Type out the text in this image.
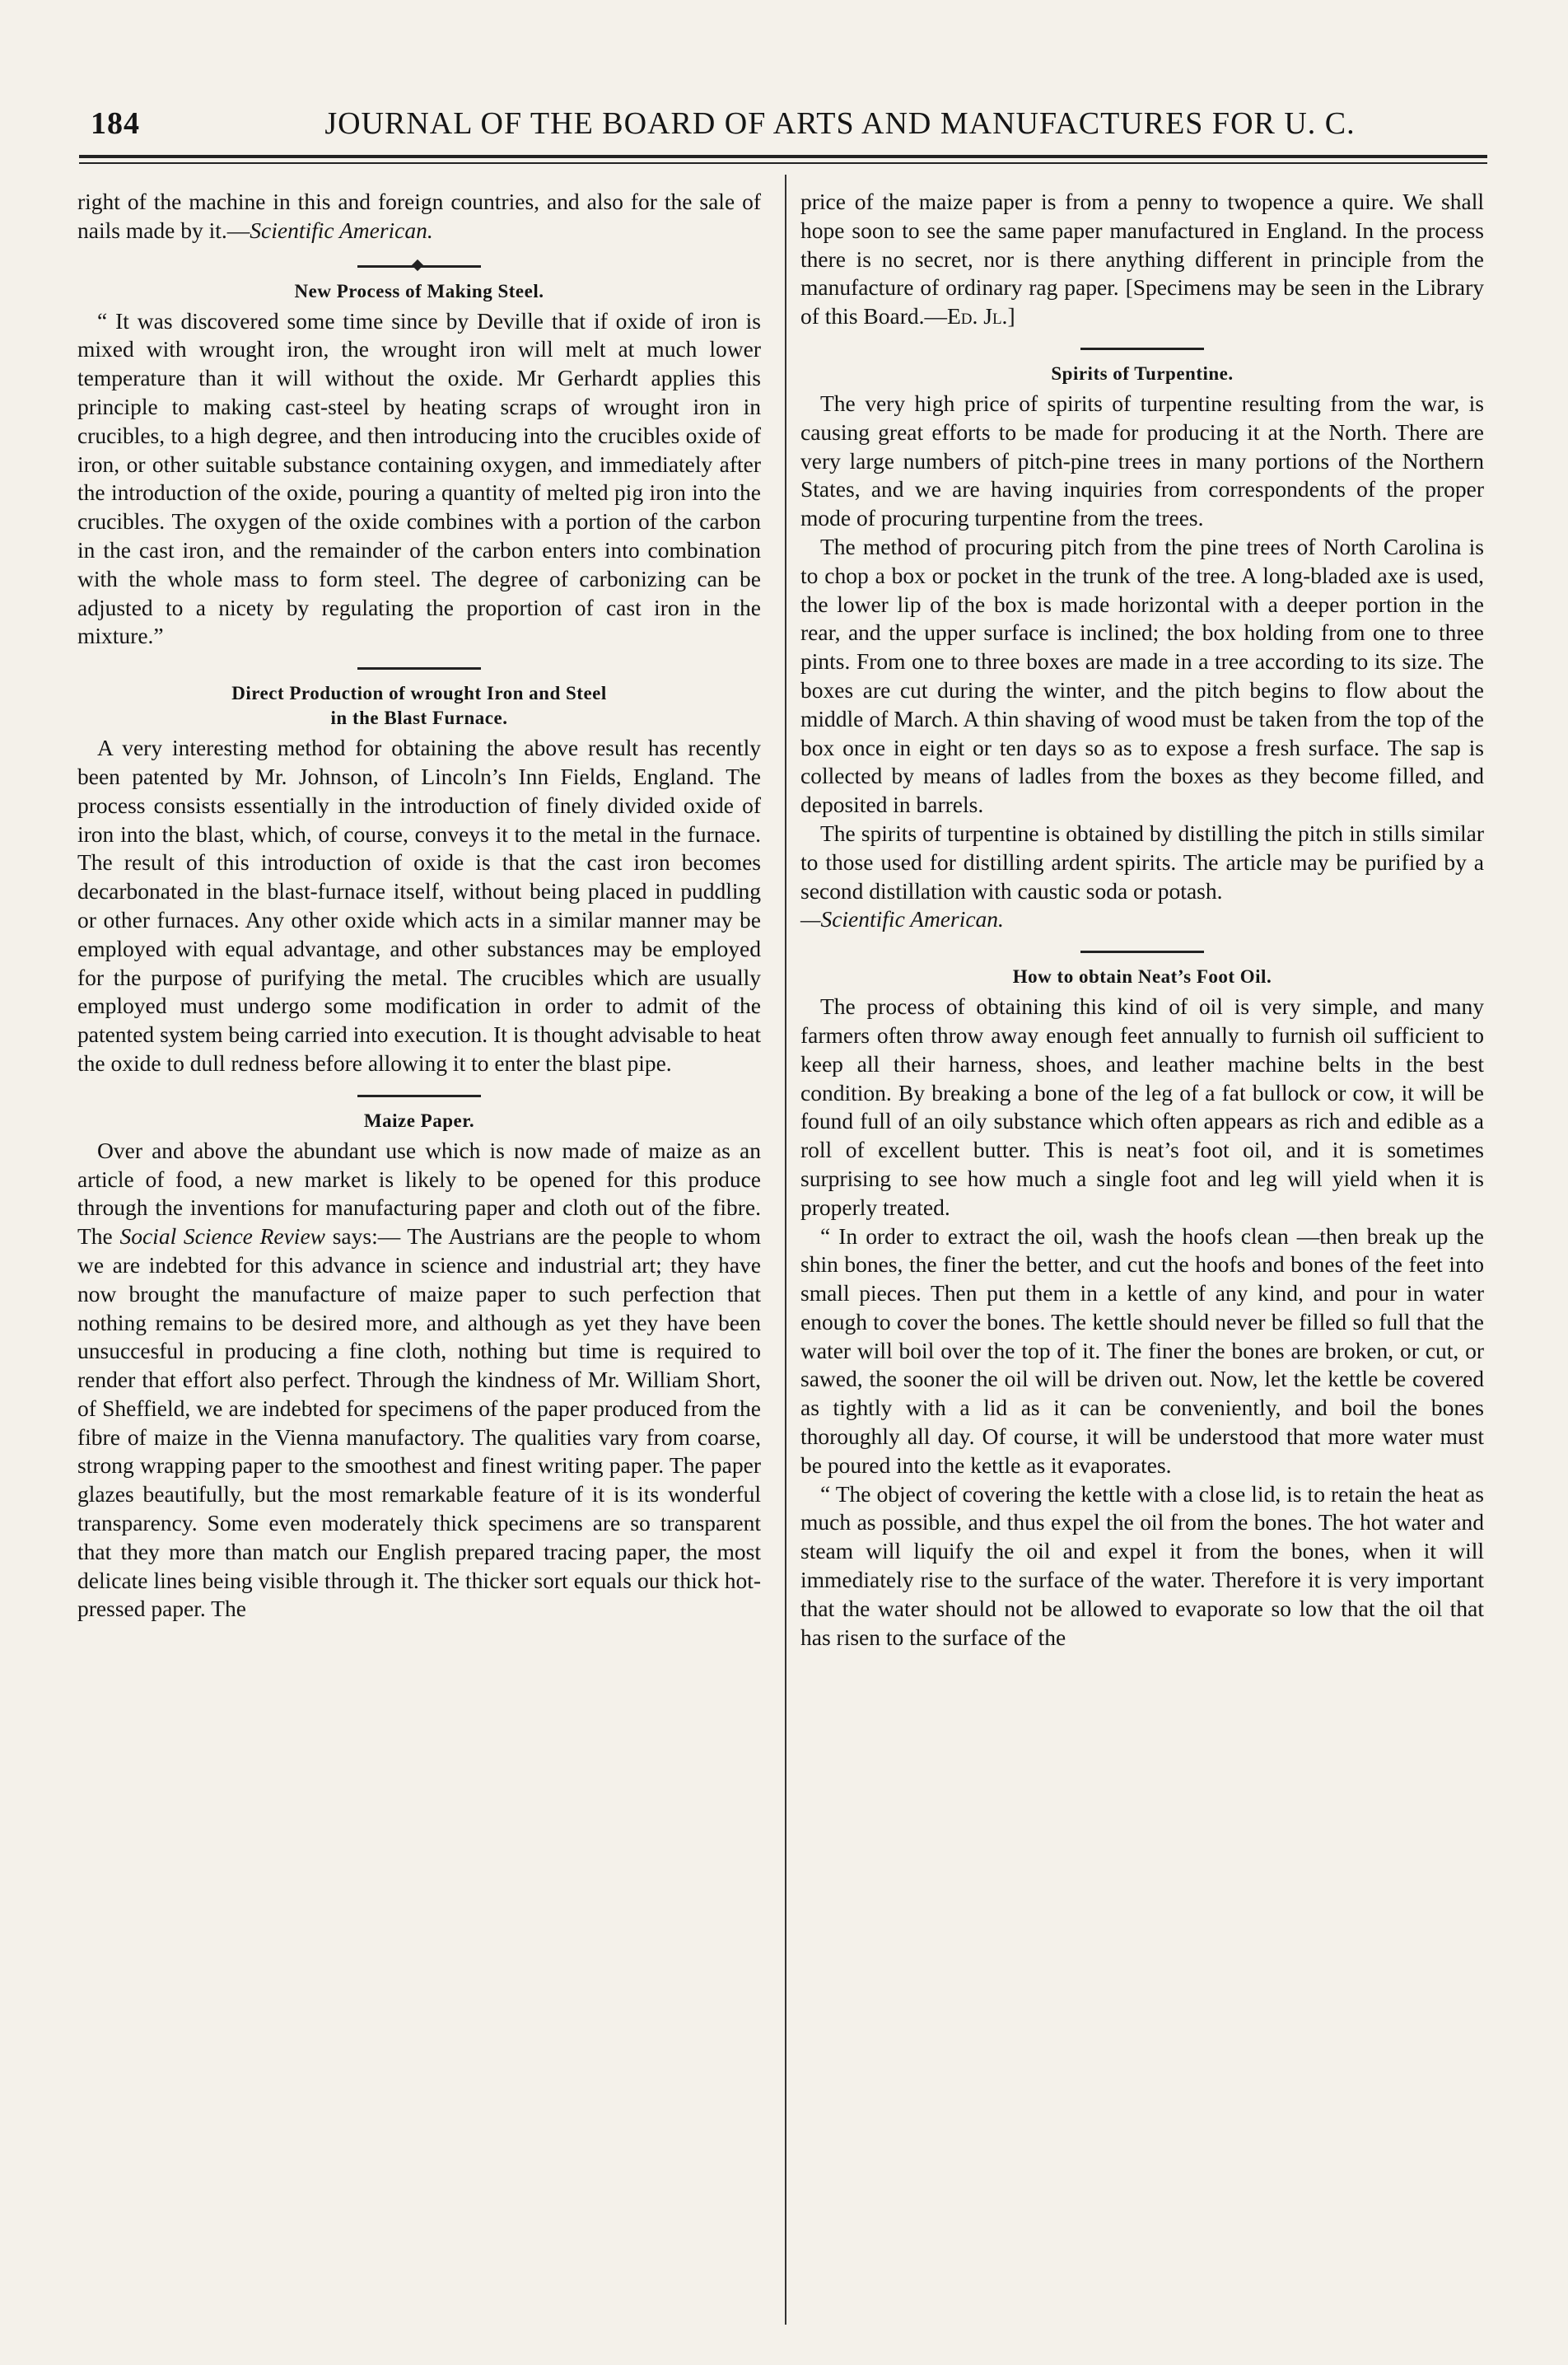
184	JOURNAL OF THE BOARD OF ARTS AND MANUFACTURES FOR U. C.

right of the machine in this and foreign countries, and also for the sale of nails made by it.—Scientific American.

New Process of Making Steel.

“ It was discovered some time since by Deville that if oxide of iron is mixed with wrought iron, the wrought iron will melt at much lower temperature than it will without the oxide. Mr Gerhardt applies this principle to making cast-steel by heating scraps of wrought iron in crucibles, to a high degree, and then introducing into the crucibles oxide of iron, or other suitable substance containing oxygen, and immediately after the introduction of the oxide, pouring a quantity of melted pig iron into the crucibles. The oxygen of the oxide combines with a portion of the carbon in the cast iron, and the remainder of the carbon enters into combination with the whole mass to form steel. The degree of carbonizing can be adjusted to a nicety by regulating the proportion of cast iron in the mixture.”

Direct Production of wrought Iron and Steel
in the Blast Furnace.

A very interesting method for obtaining the above result has recently been patented by Mr. Johnson, of Lincoln’s Inn Fields, England. The process consists essentially in the introduction of finely divided oxide of iron into the blast, which, of course, conveys it to the metal in the furnace. The result of this introduction of oxide is that the cast iron becomes decarbonated in the blast-furnace itself, without being placed in puddling or other furnaces. Any other oxide which acts in a similar manner may be employed with equal advantage, and other substances may be employed for the purpose of purifying the metal. The crucibles which are usually employed must undergo some modification in order to admit of the patented system being carried into execution. It is thought advisable to heat the oxide to dull redness before allowing it to enter the blast pipe.

Maize Paper.

Over and above the abundant use which is now made of maize as an article of food, a new market is likely to be opened for this produce through the inventions for manufacturing paper and cloth out of the fibre. The Social Science Review says:— The Austrians are the people to whom we are indebted for this advance in science and industrial art; they have now brought the manufacture of maize paper to such perfection that nothing remains to be desired more, and although as yet they have been unsuccesful in producing a fine cloth, nothing but time is required to render that effort also perfect. Through the kindness of Mr. William Short, of Sheffield, we are indebted for specimens of the paper produced from the fibre of maize in the Vienna manufactory. The qualities vary from coarse, strong wrapping paper to the smoothest and finest writing paper. The paper glazes beautifully, but the most remarkable feature of it is its wonderful transparency. Some even moderately thick specimens are so transparent that they more than match our English prepared tracing paper, the most delicate lines being visible through it. The thicker sort equals our thick hot-pressed paper. The

price of the maize paper is from a penny to twopence a quire. We shall hope soon to see the same paper manufactured in England. In the process there is no secret, nor is there anything different in principle from the manufacture of ordinary rag paper. [Specimens may be seen in the Library of this Board.—Ed. Jl.]

Spirits of Turpentine.

The very high price of spirits of turpentine resulting from the war, is causing great efforts to be made for producing it at the North. There are very large numbers of pitch-pine trees in many portions of the Northern States, and we are having inquiries from correspondents of the proper mode of procuring turpentine from the trees.

The method of procuring pitch from the pine trees of North Carolina is to chop a box or pocket in the trunk of the tree. A long-bladed axe is used, the lower lip of the box is made horizontal with a deeper portion in the rear, and the upper surface is inclined; the box holding from one to three pints. From one to three boxes are made in a tree according to its size. The boxes are cut during the winter, and the pitch begins to flow about the middle of March. A thin shaving of wood must be taken from the top of the box once in eight or ten days so as to expose a fresh surface. The sap is collected by means of ladles from the boxes as they become filled, and deposited in barrels.

The spirits of turpentine is obtained by distilling the pitch in stills similar to those used for distilling ardent spirits. The article may be purified by a second distillation with caustic soda or potash.
—Scientific American.

How to obtain Neat’s Foot Oil.

The process of obtaining this kind of oil is very simple, and many farmers often throw away enough feet annually to furnish oil sufficient to keep all their harness, shoes, and leather machine belts in the best condition. By breaking a bone of the leg of a fat bullock or cow, it will be found full of an oily substance which often appears as rich and edible as a roll of excellent butter. This is neat’s foot oil, and it is sometimes surprising to see how much a single foot and leg will yield when it is properly treated.

“ In order to extract the oil, wash the hoofs clean —then break up the shin bones, the finer the better, and cut the hoofs and bones of the feet into small pieces. Then put them in a kettle of any kind, and pour in water enough to cover the bones. The kettle should never be filled so full that the water will boil over the top of it. The finer the bones are broken, or cut, or sawed, the sooner the oil will be driven out. Now, let the kettle be covered as tightly with a lid as it can be conveniently, and boil the bones thoroughly all day. Of course, it will be understood that more water must be poured into the kettle as it evaporates.

“ The object of covering the kettle with a close lid, is to retain the heat as much as possible, and thus expel the oil from the bones. The hot water and steam will liquify the oil and expel it from the bones, when it will immediately rise to the surface of the water. Therefore it is very important that the water should not be allowed to evaporate so low that the oil that has risen to the surface of the
